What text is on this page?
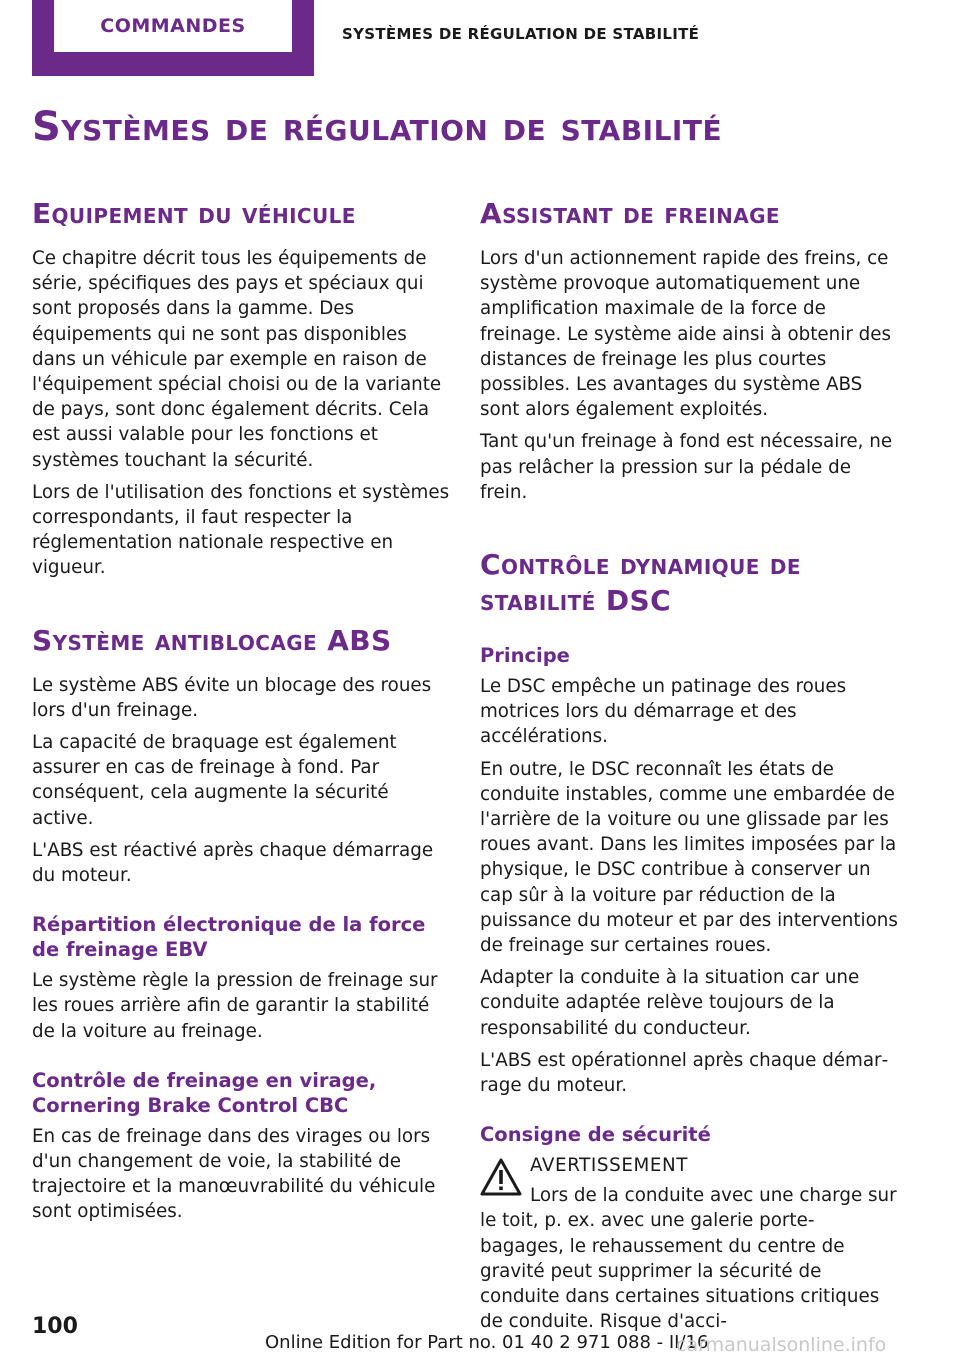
COMMANDES	SYSTÈMES DE RÉGULATION DE STABILITÉ
Systèmes de régulation de stabilité
Equipement du véhicule

Ce chapitre décrit tous les équipements de série, spécifiques des pays et spéciaux qui sont proposés dans la gamme. Des équipements qui ne sont pas disponibles dans un véhicule par exemple en raison de l'équipement spécial choisi ou de la variante de pays, sont donc également décrits. Cela est aussi valable pour les fonctions et systèmes touchant la sécurité.

Lors de l'utilisation des fonctions et systèmes correspondants, il faut respecter la réglementation nationale respective en vigueur.

Système antiblocage ABS

Le système ABS évite un blocage des roues lors d'un freinage.

La capacité de braquage est également assurer en cas de freinage à fond. Par conséquent, cela augmente la sécurité active.

L'ABS est réactivé après chaque démarrage du moteur.

Répartition électronique de la force de freinage EBV

Le système règle la pression de freinage sur les roues arrière afin de garantir la stabilité de la voiture au freinage.

Contrôle de freinage en virage, Cornering Brake Control CBC

En cas de freinage dans des virages ou lors d'un changement de voie, la stabilité de trajectoire et la manœuvrabilité du véhicule sont optimisées.

Assistant de freinage

Lors d'un actionnement rapide des freins, ce système provoque automatiquement une amplification maximale de la force de freinage. Le système aide ainsi à obtenir des distances de freinage les plus courtes possibles. Les avantages du système ABS sont alors également exploités.

Tant qu'un freinage à fond est nécessaire, ne pas relâcher la pression sur la pédale de frein.

Contrôle dynamique de stabilité DSC
Principe

Le DSC empêche un patinage des roues motrices lors du démarrage et des accélérations.

En outre, le DSC reconnaît les états de conduite instables, comme une embardée de l'arrière de la voiture ou une glissade par les roues avant. Dans les limites imposées par la physique, le DSC contribue à conserver un cap sûr à la voiture par réduction de la puissance du moteur et par des interventions de freinage sur certaines roues.

Adapter la conduite à la situation car une conduite adaptée relève toujours de la responsabilité du conducteur.

L'ABS est opérationnel après chaque démarrage du moteur.

Consigne de sécurité
AVERTISSEMENT

Lors de la conduite avec une charge sur le toit, p. ex. avec une galerie porte-bagages, le rehaussement du centre de gravité peut supprimer la sécurité de conduite dans certaines situations critiques de conduite. Risque d'acci-

100
Online Edition for Part no. 01 40 2 971 088 - II/16
carmanualsonline.info
